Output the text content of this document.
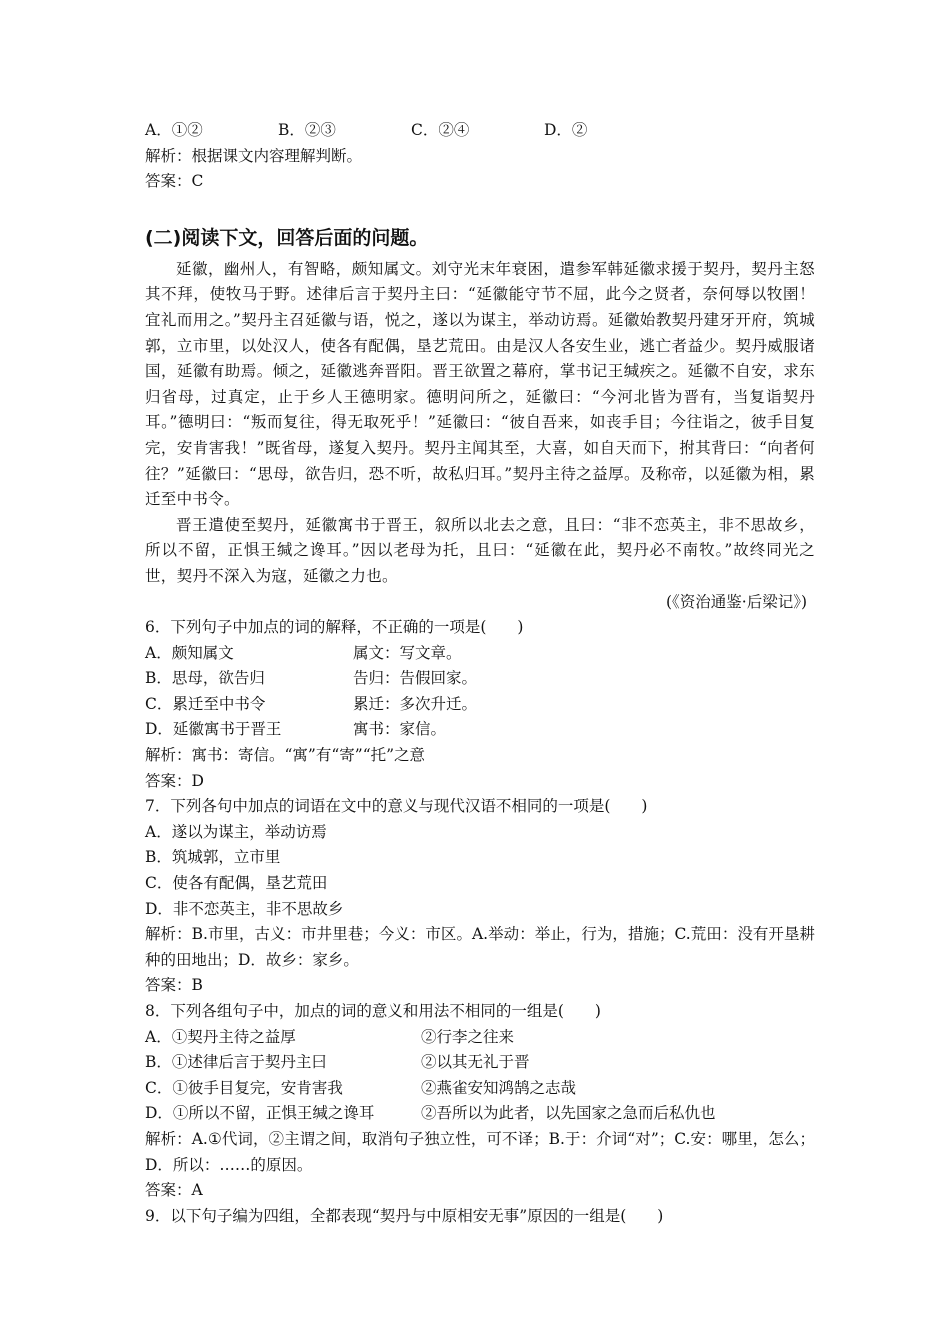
A．①②	B．②③	C．②④	D．②
解析：根据课文内容理解判断。
答案：C
(二)阅读下文，回答后面的问题。
延徽，幽州人，有智略，颇知属文。刘守光末年衰困，遣参军韩延徽求援于契丹，契丹主怒其不拜，使牧马于野。述律后言于契丹主曰：“延徽能守节不屈，此今之贤者，奈何辱以牧圉！宜礼而用之。”契丹主召延徽与语，悦之，遂以为谋主，举动访焉。延徽始教契丹建牙开府，筑城郭，立市里，以处汉人，使各有配偶，垦艺荒田。由是汉人各安生业，逃亡者益少。契丹威服诸国，延徽有助焉。倾之，延徽逃奔晋阳。晋王欲置之幕府，掌书记王缄疾之。延徽不自安，求东归省母，过真定，止于乡人王德明家。德明问所之，延徽曰：“今河北皆为晋有，当复诣契丹耳。”德明曰：“叛而复往，得无取死乎！”延徽曰：“彼自吾来，如丧手目；今往诣之，彼手目复完，安肯害我！”既省母，遂复入契丹。契丹主闻其至，大喜，如自天而下，拊其背曰：“向者何往？”延徽曰：“思母，欲告归，恐不听，故私归耳。”契丹主待之益厚。及称帝，以延徽为相，累迁至中书令。
晋王遣使至契丹，延徽寓书于晋王，叙所以北去之意，且曰：“非不恋英主，非不思故乡，所以不留，正惧王缄之谗耳。”因以老母为托，且曰：“延徽在此，契丹必不南牧。”故终同光之世，契丹不深入为寇，延徽之力也。
(《资治通鉴·后梁记》)
6．下列句子中加点的词的解释，不正确的一项是(　　)
A．颇知属文	属文：写文章。
B．思母，欲告归	告归：告假回家。
C．累迁至中书令	累迁：多次升迁。
D．延徽寓书于晋王	寓书：家信。
解析：寓书：寄信。“寓”有“寄”“托”之意
答案：D
7．下列各句中加点的词语在文中的意义与现代汉语不相同的一项是(　　)
A．遂以为谋主，举动访焉
B．筑城郭，立市里
C．使各有配偶，垦艺荒田
D．非不恋英主，非不思故乡
解析：B.市里，古义：市井里巷；今义：市区。A.举动：举止，行为，措施；C.荒田：没有开垦耕种的田地出；D．故乡：家乡。
答案：B
8．下列各组句子中，加点的词的意义和用法不相同的一组是(　　)
A．①契丹主待之益厚	②行李之往来
B．①述律后言于契丹主曰	②以其无礼于晋
C．①彼手目复完，安肯害我	②燕雀安知鸿鹄之志哉
D．①所以不留，正惧王缄之谗耳	②吾所以为此者，以先国家之急而后私仇也
解析：A.①代词，②主谓之间，取消句子独立性，可不译；B.于：介词“对”；C.安：哪里，怎么；D．所以：……的原因。
答案：A
9．以下句子编为四组，全都表现“契丹与中原相安无事”原因的一组是(　　)
